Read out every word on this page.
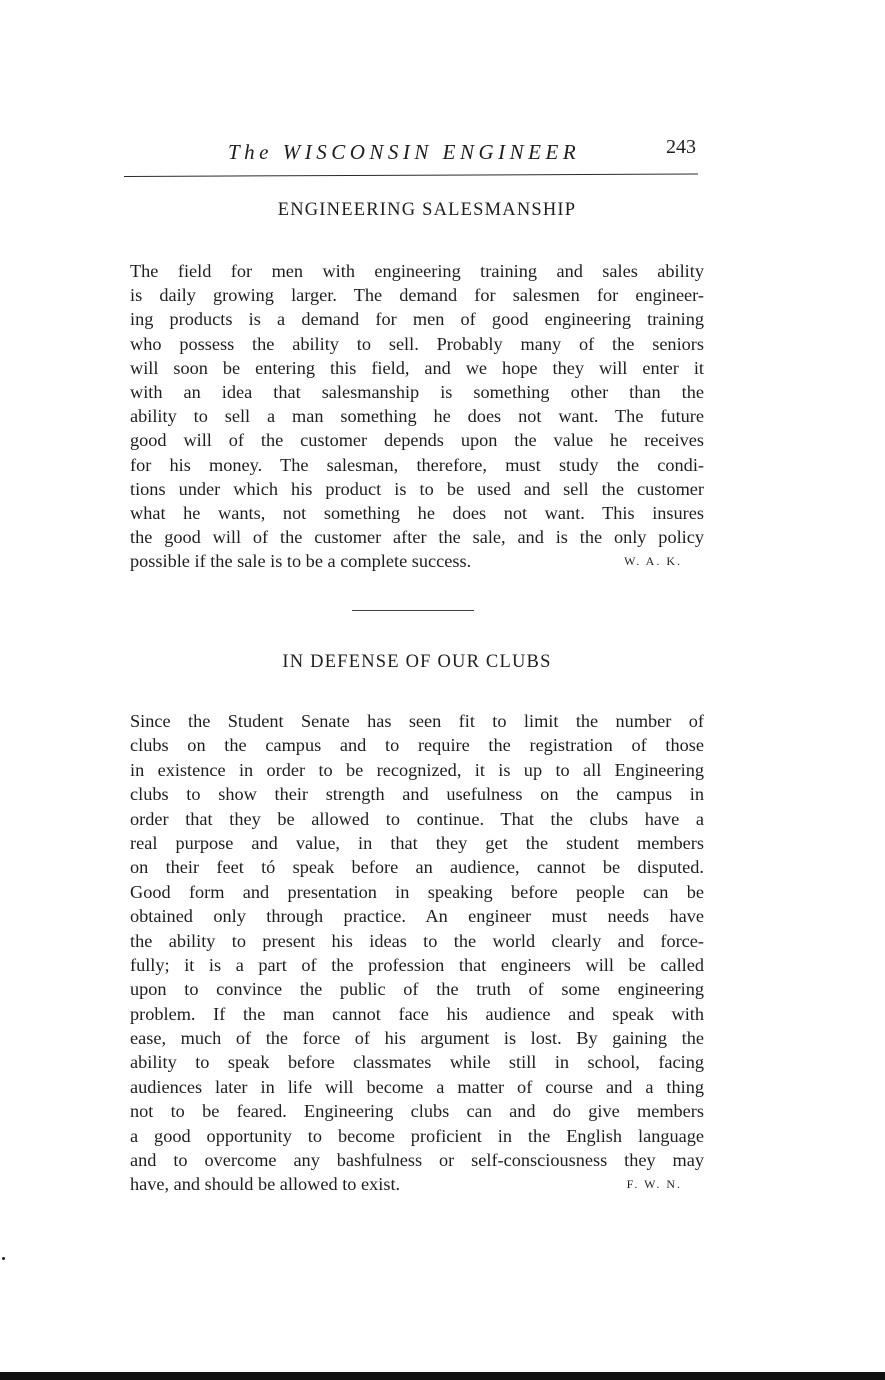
The WISCONSIN ENGINEER	243
ENGINEERING SALESMANSHIP
The field for men with engineering training and sales ability
is daily growing larger. The demand for salesmen for engineer-
ing products is a demand for men of good engineering training
who possess the ability to sell. Probably many of the seniors
will soon be entering this field, and we hope they will enter it
with an idea that salesmanship is something other than the
ability to sell a man something he does not want. The future
good will of the customer depends upon the value he receives
for his money. The salesman, therefore, must study the condi-
tions under which his product is to be used and sell the customer
what he wants, not something he does not want. This insures
the good will of the customer after the sale, and is the only policy
possible if the sale is to be a complete success.	W. A. K.
IN DEFENSE OF OUR CLUBS
Since the Student Senate has seen fit to limit the number of
clubs on the campus and to require the registration of those
in existence in order to be recognized, it is up to all Engineering
clubs to show their strength and usefulness on the campus in
order that they be allowed to continue. That the clubs have a
real purpose and value, in that they get the student members
on their feet tó speak before an audience, cannot be disputed.
Good form and presentation in speaking before people can be
obtained only through practice. An engineer must needs have
the ability to present his ideas to the world clearly and force-
fully; it is a part of the profession that engineers will be called
upon to convince the public of the truth of some engineering
problem. If the man cannot face his audience and speak with
ease, much of the force of his argument is lost. By gaining the
ability to speak before classmates while still in school, facing
audiences later in life will become a matter of course and a thing
not to be feared. Engineering clubs can and do give members
a good opportunity to become proficient in the English language
and to overcome any bashfulness or self-consciousness they may
have, and should be allowed to exist.	F. W. N.
